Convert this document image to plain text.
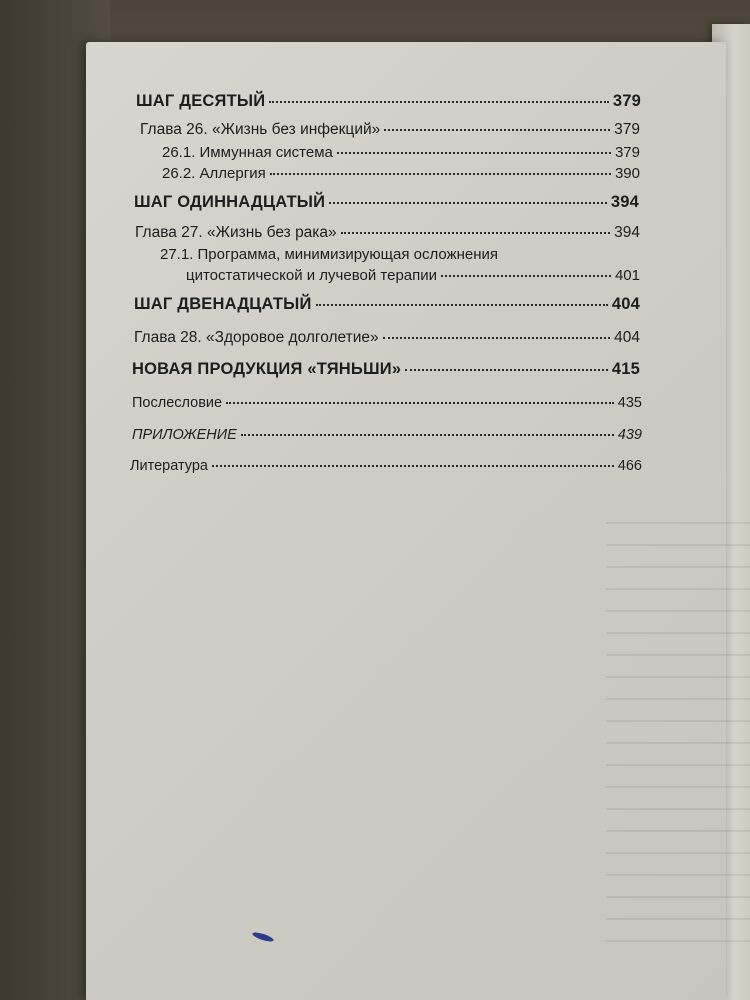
ШАГ ДЕСЯТЫЙ	379
Глава 26. «Жизнь без инфекций»	379
26.1. Иммунная система	379
26.2. Аллергия	390
ШАГ ОДИННАДЦАТЫЙ	394
Глава 27. «Жизнь без рака»	394
27.1. Программа, минимизирующая осложнения
цитостатической и лучевой терапии	401
ШАГ ДВЕНАДЦАТЫЙ	404
Глава 28. «Здоровое долголетие»	404
НОВАЯ ПРОДУКЦИЯ «ТЯНЬШИ»	415
Послесловие	435
ПРИЛОЖЕНИЕ	439
Литература	466
